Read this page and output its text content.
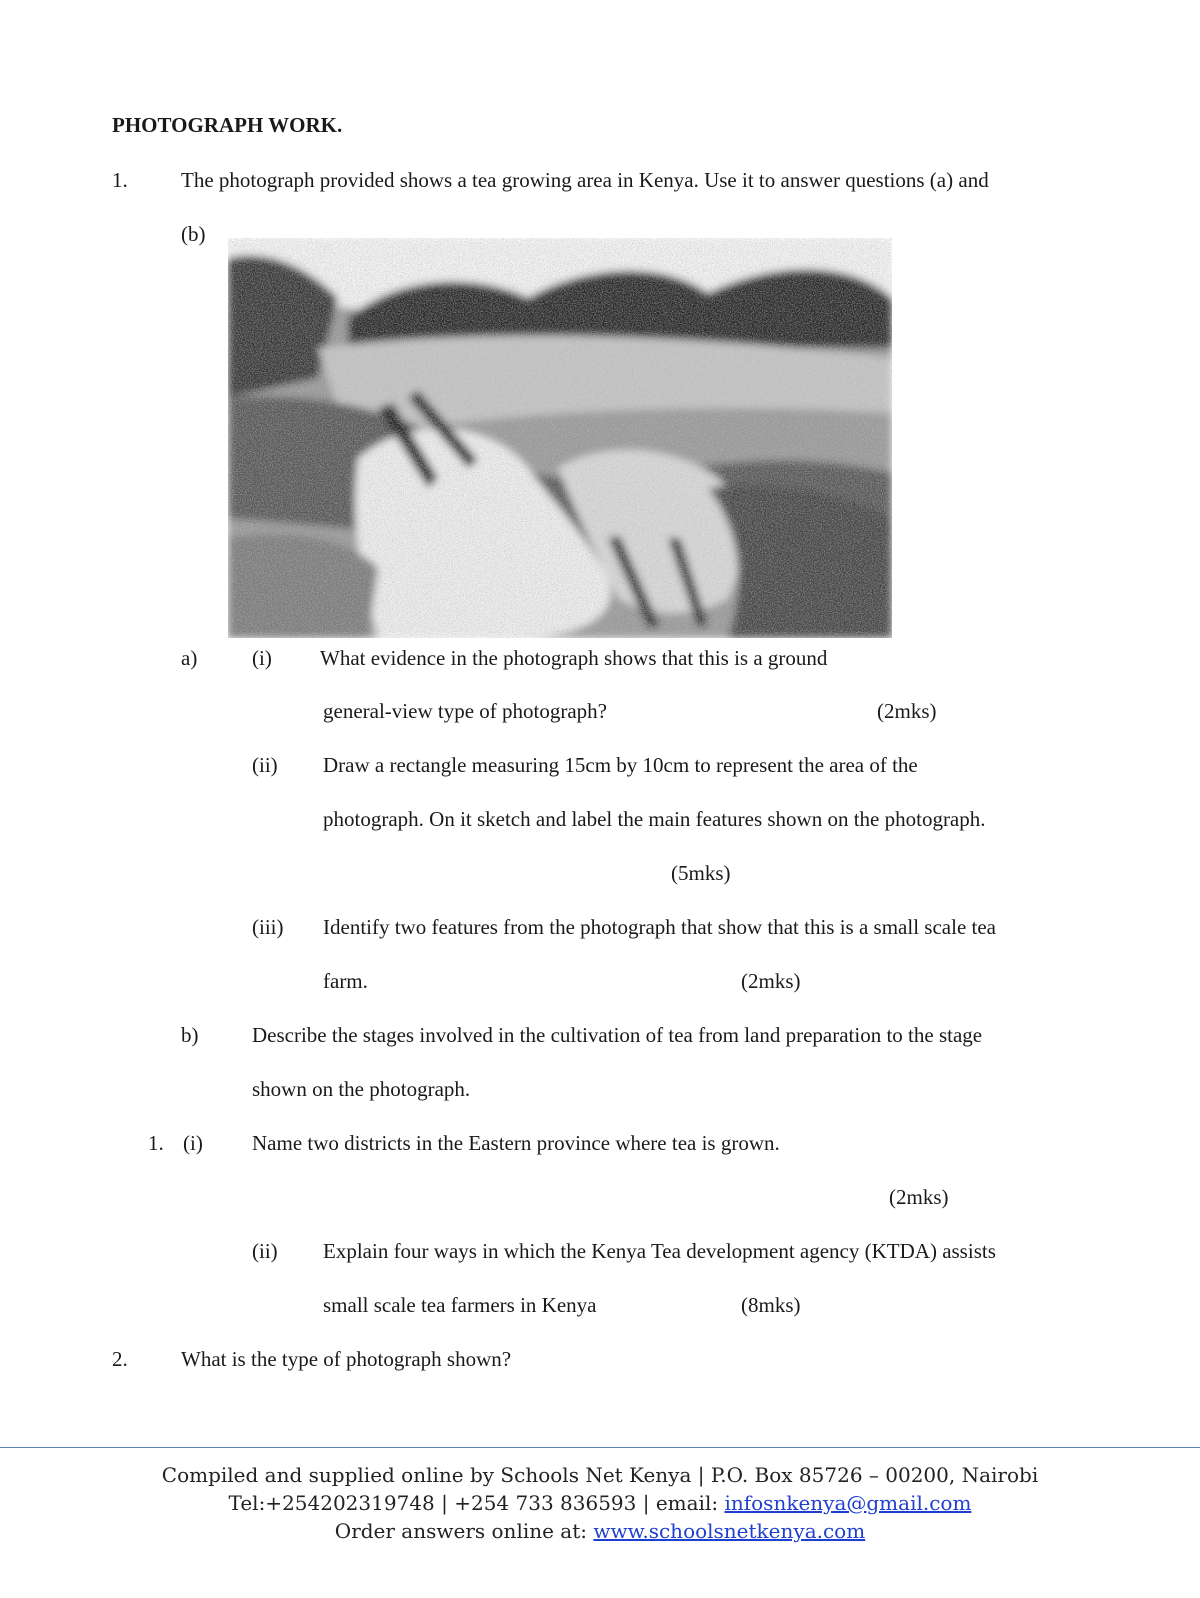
PHOTOGRAPH WORK.
1.	The photograph provided shows a tea growing area in Kenya. Use it to answer questions (a) and
(b)
a)	(i) What evidence in the photograph shows that this is a ground
general-view type of photograph?	(2mks)
(ii) Draw a rectangle measuring 15cm by 10cm to represent the area of the
photograph. On it sketch and label the main features shown on the photograph.
(5mks)
(iii) Identify two features from the photograph that show that this is a small scale tea
farm.	(2mks)
b)	Describe the stages involved in the cultivation of tea from land preparation to the stage
shown on the photograph.
1. (i) Name two districts in the Eastern province where tea is grown.
(2mks)
(ii) Explain four ways in which the Kenya Tea development agency (KTDA) assists
small scale tea farmers in Kenya	(8mks)
2.	What is the type of photograph shown?
Compiled and supplied online by Schools Net Kenya | P.O. Box 85726 – 00200, Nairobi
Tel:+254202319748 | +254 733 836593 | email: infosnkenya@gmail.com
Order answers online at: www.schoolsnetkenya.com
